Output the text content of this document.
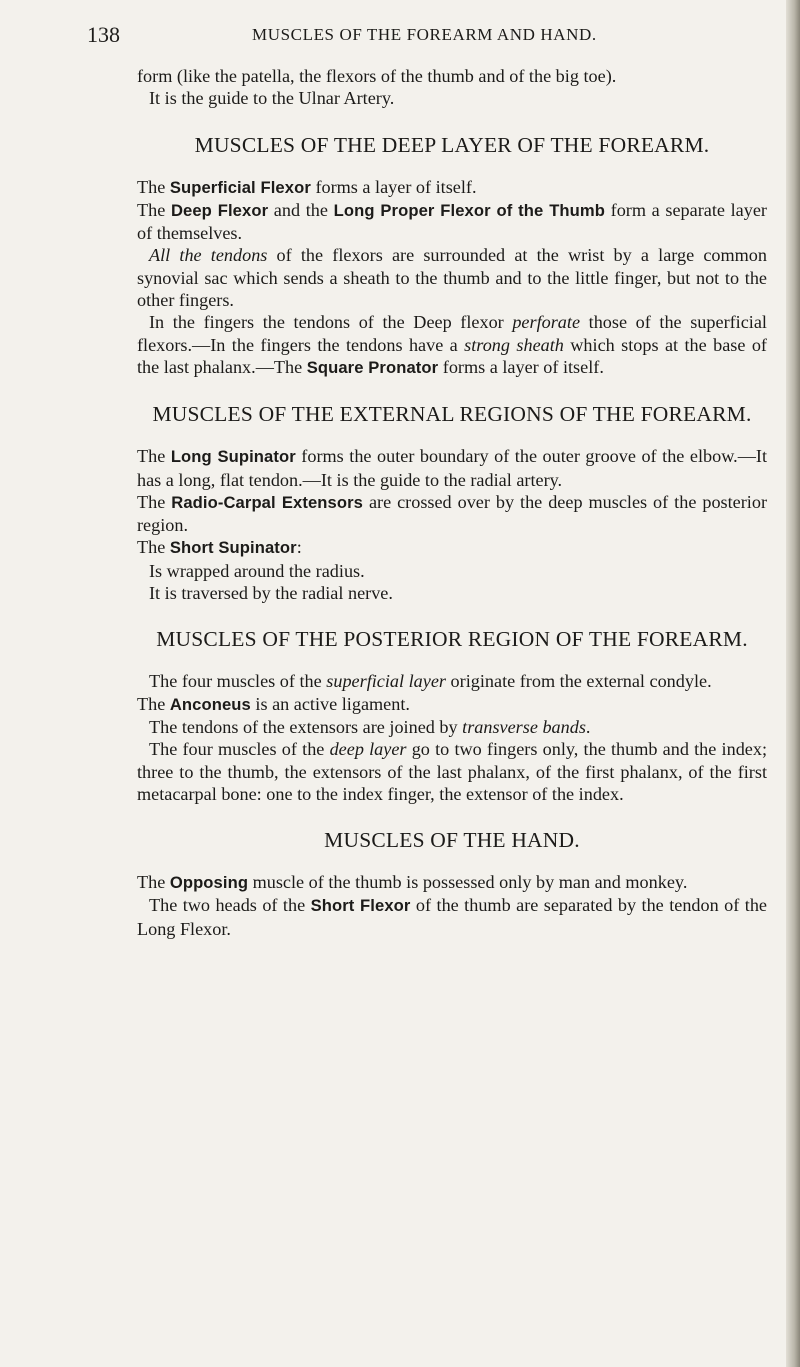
138	MUSCLES OF THE FOREARM AND HAND.

form (like the patella, the flexors of the thumb and of the big toe).

It is the guide to the Ulnar Artery.

MUSCLES OF THE DEEP LAYER OF THE FOREARM.

The Superficial Flexor forms a layer of itself.

The Deep Flexor and the Long Proper Flexor of the Thumb form a separate layer of themselves.

All the tendons of the flexors are surrounded at the wrist by a large common synovial sac which sends a sheath to the thumb and to the little finger, but not to the other fingers.

In the fingers the tendons of the Deep flexor perforate those of the superficial flexors.—In the fingers the tendons have a strong sheath which stops at the base of the last phalanx.—The Square Pronator forms a layer of itself.

MUSCLES OF THE EXTERNAL REGIONS OF THE FOREARM.

The Long Supinator forms the outer boundary of the outer groove of the elbow.—It has a long, flat tendon.—It is the guide to the radial artery.

The Radio-Carpal Extensors are crossed over by the deep muscles of the posterior region.

The Short Supinator:

Is wrapped around the radius.

It is traversed by the radial nerve.

MUSCLES OF THE POSTERIOR REGION OF THE FOREARM.

The four muscles of the superficial layer originate from the external condyle.

The Anconeus is an active ligament.

The tendons of the extensors are joined by transverse bands.

The four muscles of the deep layer go to two fingers only, the thumb and the index; three to the thumb, the extensors of the last phalanx, of the first phalanx, of the first metacarpal bone: one to the index finger, the extensor of the index.

MUSCLES OF THE HAND.

The Opposing muscle of the thumb is possessed only by man and monkey.

The two heads of the Short Flexor of the thumb are separated by the tendon of the Long Flexor.
